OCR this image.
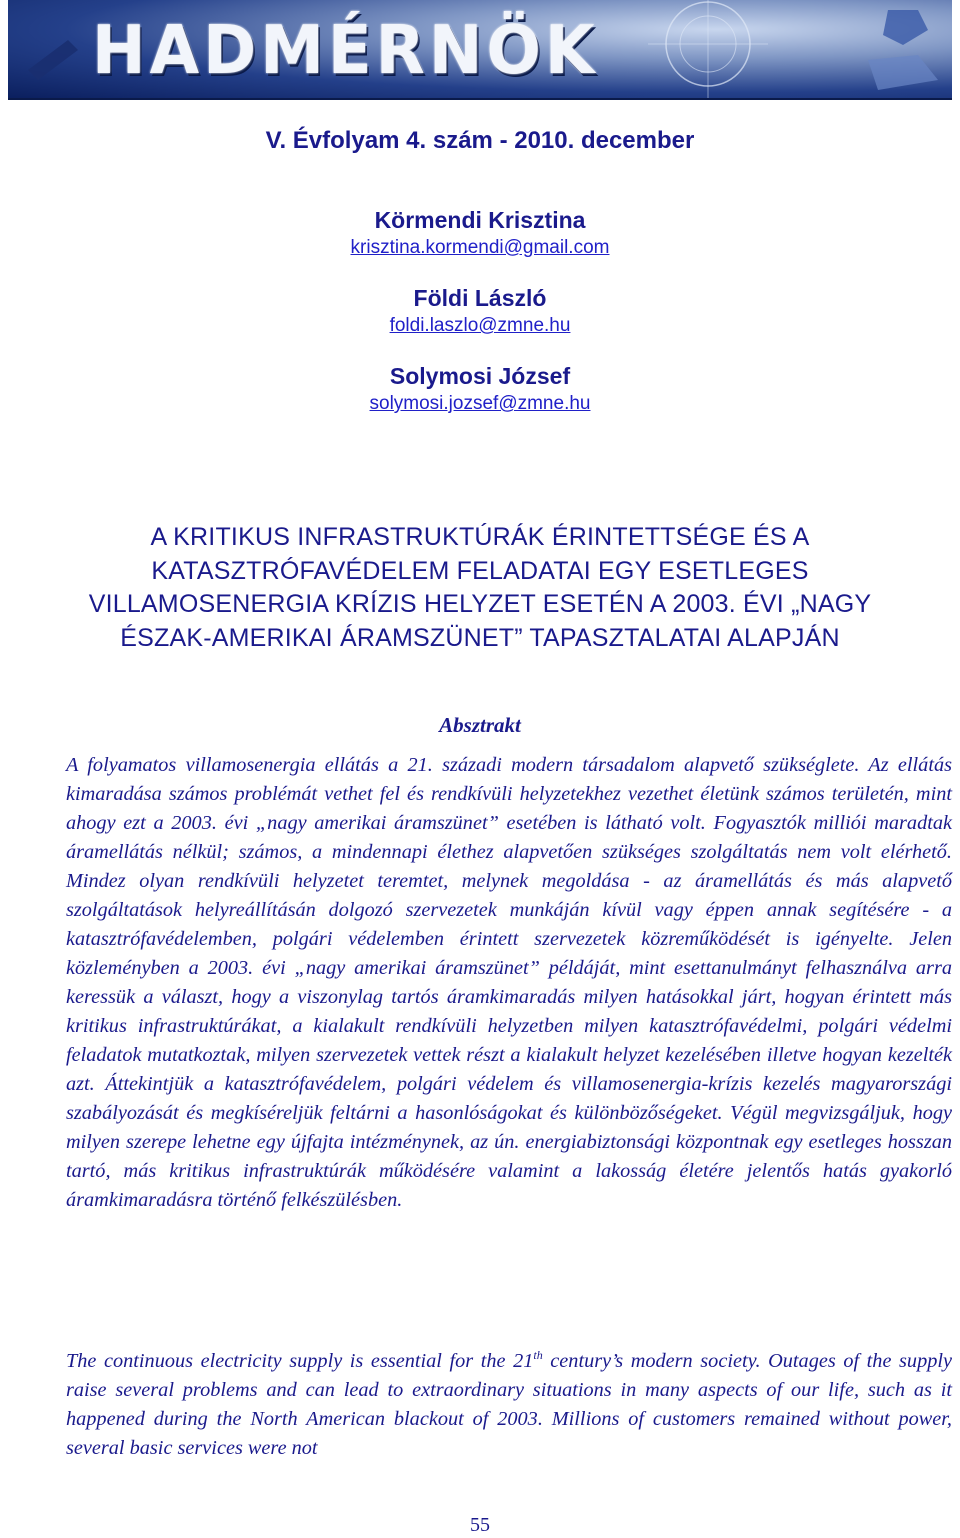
HADMÉRNÖK
V. Évfolyam 4. szám - 2010. december
Körmendi Krisztina
krisztina.kormendi@gmail.com
Földi László
foldi.laszlo@zmne.hu
Solymosi József
solymosi.jozsef@zmne.hu
A KRITIKUS INFRASTRUKTÚRÁK ÉRINTETTSÉGE ÉS A KATASZTRÓFAVÉDELEM FELADATAI EGY ESETLEGES VILLAMOSENERGIA KRÍZIS HELYZET ESETÉN A 2003. ÉVI „NAGY ÉSZAK-AMERIKAI ÁRAMSZÜNET” TAPASZTALATAI ALAPJÁN
Absztrakt
A folyamatos villamosenergia ellátás a 21. századi modern társadalom alapvető szükséglete. Az ellátás kimaradása számos problémát vethet fel és rendkívüli helyzetekhez vezethet életünk számos területén, mint ahogy ezt a 2003. évi „nagy amerikai áramszünet” esetében is látható volt. Fogyasztók milliói maradtak áramellátás nélkül; számos, a mindennapi élethez alapvetően szükséges szolgáltatás nem volt elérhető. Mindez olyan rendkívüli helyzetet teremtet, melynek megoldása - az áramellátás és más alapvető szolgáltatások helyreállításán dolgozó szervezetek munkáján kívül vagy éppen annak segítésére - a katasztrófavédelemben, polgári védelemben érintett szervezetek közreműködését is igényelte. Jelen közleményben a 2003. évi „nagy amerikai áramszünet” példáját, mint esettanulmányt felhasználva arra keressük a választ, hogy a viszonylag tartós áramkimaradás milyen hatásokkal járt, hogyan érintett más kritikus infrastruktúrákat, a kialakult rendkívüli helyzetben milyen katasztrófavédelmi, polgári védelmi feladatok mutatkoztak, milyen szervezetek vettek részt a kialakult helyzet kezelésében illetve hogyan kezelték azt. Áttekintjük a katasztrófavédelem, polgári védelem és villamosenergia-krízis kezelés magyarországi szabályozását és megkíséreljük feltárni a hasonlóságokat és különbözőségeket. Végül megvizsgáljuk, hogy milyen szerepe lehetne egy újfajta intézménynek, az ún. energiabiztonsági központnak egy esetleges hosszan tartó, más kritikus infrastruktúrák működésére valamint a lakosság életére jelentős hatás gyakorló áramkimaradásra történő felkészülésben.
The continuous electricity supply is essential for the 21th century’s modern society. Outages of the supply raise several problems and can lead to extraordinary situations in many aspects of our life, such as it happened during the North American blackout of 2003. Millions of customers remained without power, several basic services were not
55
